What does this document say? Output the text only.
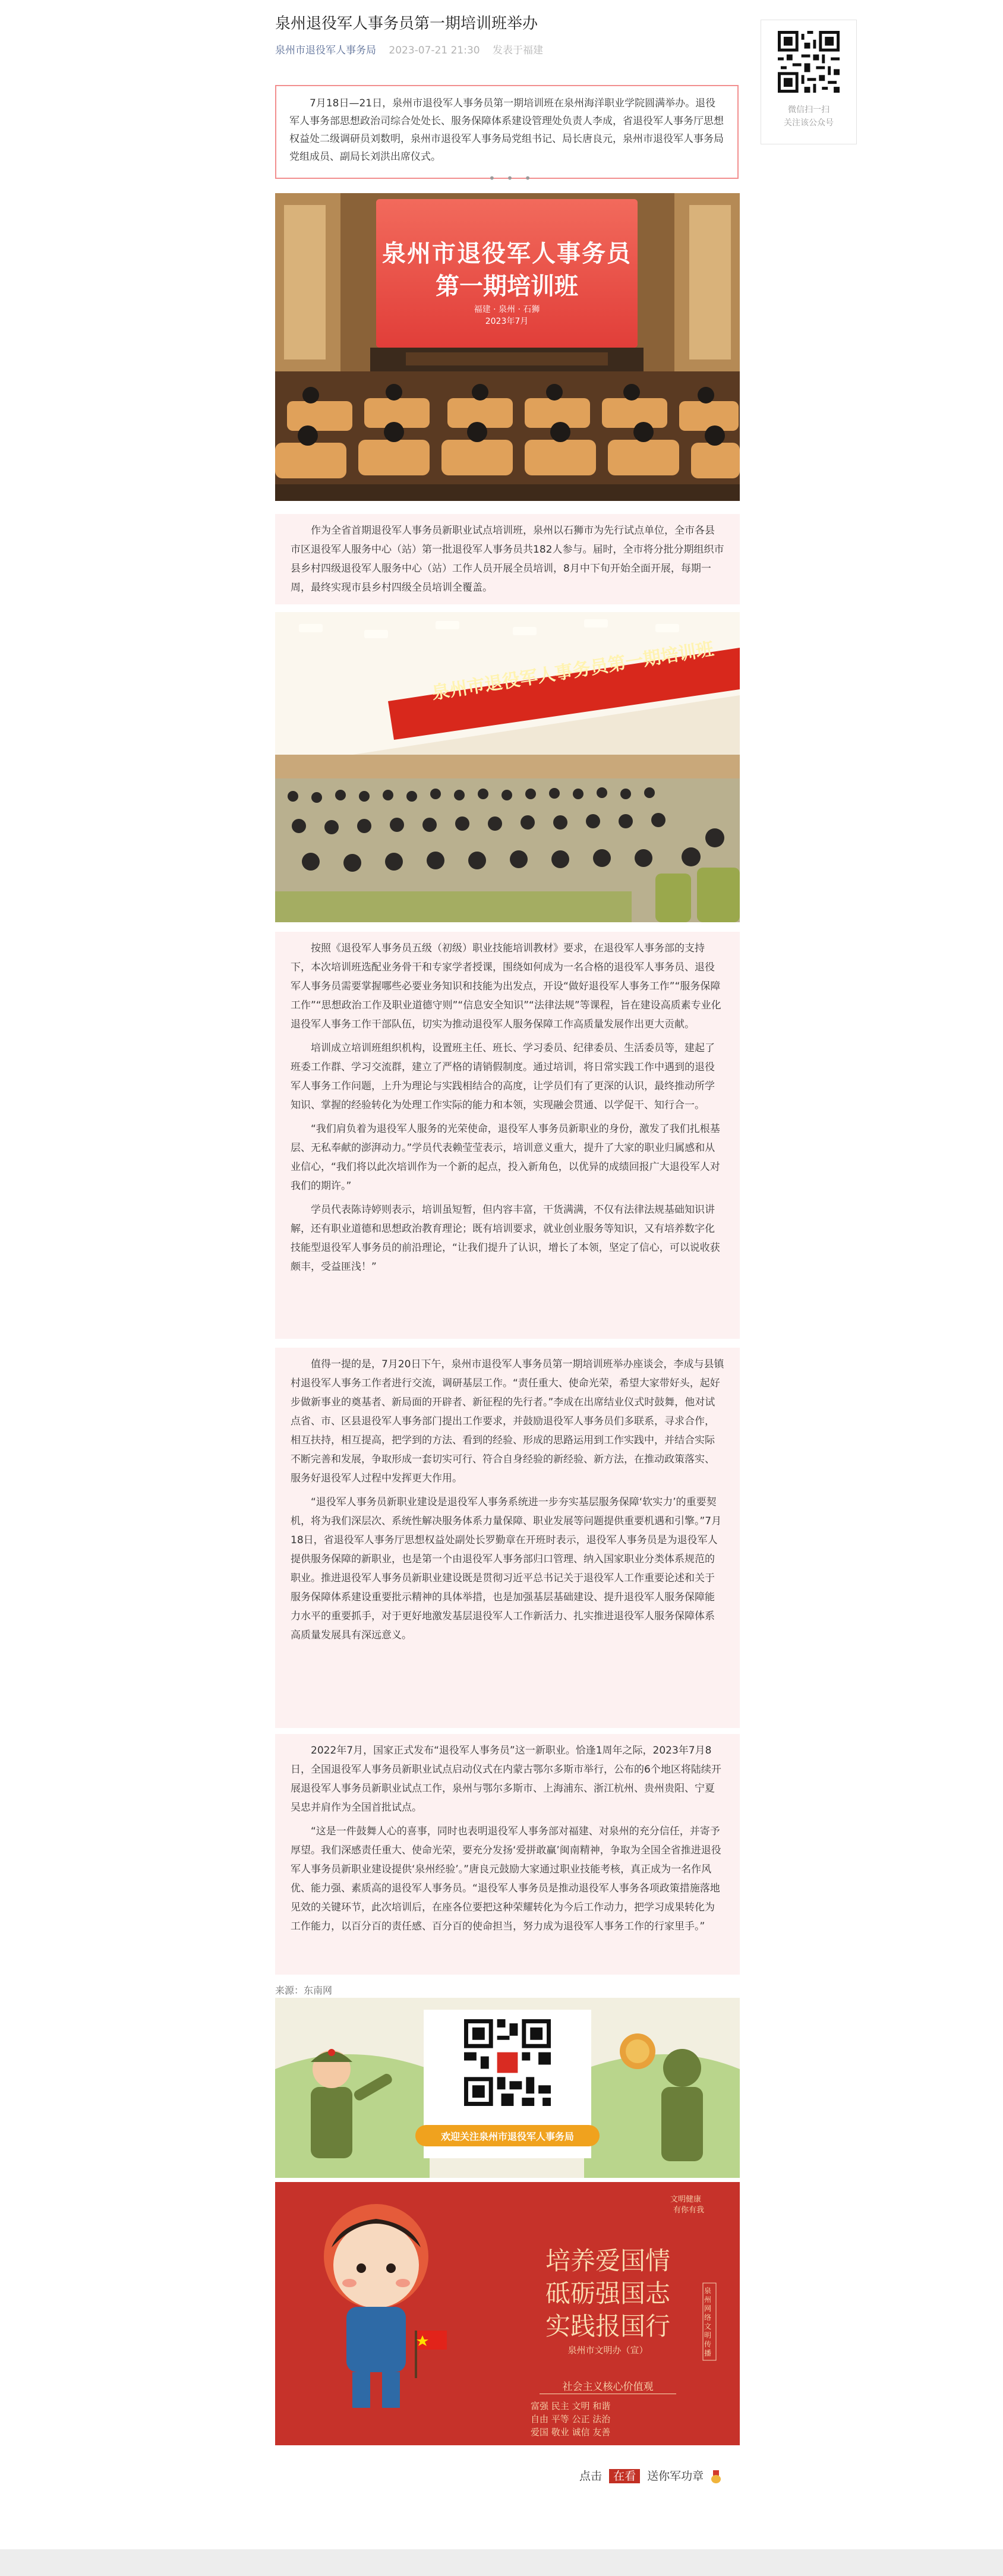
泉州退役军人事务员第一期培训班举办
泉州市退役军人事务局 2023-07-21 21:30 发表于福建
微信扫一扫
关注该公众号

7月18日—21日，泉州市退役军人事务员第一期培训班在泉州海洋职业学院圆满举办。退役军人事务部思想政治司综合处处长、服务保障体系建设管理处负责人李成，省退役军人事务厅思想权益处二级调研员刘数明，泉州市退役军人事务局党组书记、局长唐良元，泉州市退役军人事务局党组成员、副局长刘洪出席仪式。

• • •
泉州市退役军人事务员
第一期培训班
福建 · 泉州 · 石狮
2023年7月

作为全省首期退役军人事务员新职业试点培训班，泉州以石狮市为先行试点单位，全市各县市区退役军人服务中心（站）第一批退役军人事务员共182人参与。届时，全市将分批分期组织市县乡村四级退役军人服务中心（站）工作人员开展全员培训，8月中下旬开始全面开展，每期一周，最终实现市县乡村四级全员培训全覆盖。

泉州市退役军人事务员第一期培训班

按照《退役军人事务员五级（初级）职业技能培训教材》要求，在退役军人事务部的支持下，本次培训班选配业务骨干和专家学者授课，围绕如何成为一名合格的退役军人事务员、退役军人事务员需要掌握哪些必要业务知识和技能为出发点，开设“做好退役军人事务工作”“服务保障工作”“思想政治工作及职业道德守则”“信息安全知识”“法律法规”等课程，旨在建设高质素专业化退役军人事务工作干部队伍，切实为推动退役军人服务保障工作高质量发展作出更大贡献。

培训成立培训班组织机构，设置班主任、班长、学习委员、纪律委员、生活委员等，建起了班委工作群、学习交流群，建立了严格的请销假制度。通过培训，将日常实践工作中遇到的退役军人事务工作问题，上升为理论与实践相结合的高度，让学员们有了更深的认识，最终推动所学知识、掌握的经验转化为处理工作实际的能力和本领，实现融会贯通、以学促干、知行合一。

“我们肩负着为退役军人服务的光荣使命，退役军人事务员新职业的身份，激发了我们扎根基层、无私奉献的澎湃动力。”学员代表赖莹莹表示，培训意义重大，提升了大家的职业归属感和从业信心，“我们将以此次培训作为一个新的起点，投入新角色，以优异的成绩回报广大退役军人对我们的期许。”

学员代表陈诗婷则表示，培训虽短暂，但内容丰富，干货满满，不仅有法律法规基础知识讲解，还有职业道德和思想政治教育理论；既有培训要求，就业创业服务等知识，又有培养数字化技能型退役军人事务员的前沿理论，“让我们提升了认识，增长了本领，坚定了信心，可以说收获颇丰，受益匪浅！”

值得一提的是，7月20日下午，泉州市退役军人事务员第一期培训班举办座谈会，李成与县镇村退役军人事务工作者进行交流，调研基层工作。“责任重大、使命光荣，希望大家带好头，起好步做新事业的奠基者、新局面的开辟者、新征程的先行者。”李成在出席结业仪式时鼓舞，他对试点省、市、区县退役军人事务部门提出工作要求，并鼓励退役军人事务员们多联系，寻求合作，相互扶持，相互提高，把学到的方法、看到的经验、形成的思路运用到工作实践中，并结合实际不断完善和发展，争取形成一套切实可行、符合自身经验的新经验、新方法，在推动政策落实、服务好退役军人过程中发挥更大作用。

“退役军人事务员新职业建设是退役军人事务系统进一步夯实基层服务保障‘软实力’的重要契机，将为我们深层次、系统性解决服务体系力量保障、职业发展等问题提供重要机遇和引擎。”7月18日，省退役军人事务厅思想权益处副处长罗勤章在开班时表示，退役军人事务员是为退役军人提供服务保障的新职业，也是第一个由退役军人事务部归口管理、纳入国家职业分类体系规范的职业。推进退役军人事务员新职业建设既是贯彻习近平总书记关于退役军人工作重要论述和关于服务保障体系建设重要批示精神的具体举措，也是加强基层基础建设、提升退役军人服务保障能力水平的重要抓手，对于更好地激发基层退役军人工作新活力、扎实推进退役军人服务保障体系高质量发展具有深远意义。

2022年7月，国家正式发布“退役军人事务员”这一新职业。恰逢1周年之际，2023年7月8日，全国退役军人事务员新职业试点启动仪式在内蒙古鄂尔多斯市举行，公布的6个地区将陆续开展退役军人事务员新职业试点工作，泉州与鄂尔多斯市、上海浦东、浙江杭州、贵州贵阳、宁夏吴忠并肩作为全国首批试点。

“这是一件鼓舞人心的喜事，同时也表明退役军人事务部对福建、对泉州的充分信任，并寄予厚望。我们深感责任重大、使命光荣，要充分发扬‘爱拼敢赢’闽南精神，争取为全国全省推进退役军人事务员新职业建设提供‘泉州经验’。”唐良元鼓励大家通过职业技能考核，真正成为一名作风优、能力强、素质高的退役军人事务员。“退役军人事务员是推动退役军人事务各项政策措施落地见效的关键环节，此次培训后，在座各位要把这种荣耀转化为今后工作动力，把学习成果转化为工作能力，以百分百的责任感、百分百的使命担当，努力成为退役军人事务工作的行家里手。”

来源：东南网
欢迎关注泉州市退役军人事务局
文明健康
有你有我
培养爱国情
砥砺强国志
实践报国行
泉州市文明办（宣）
社会主义核心价值观
富强 民主 文明 和谐
自由 平等 公正 法治
爱国 敬业 诚信 友善
泉州网络文明传播
点击 在看 送你军功章
